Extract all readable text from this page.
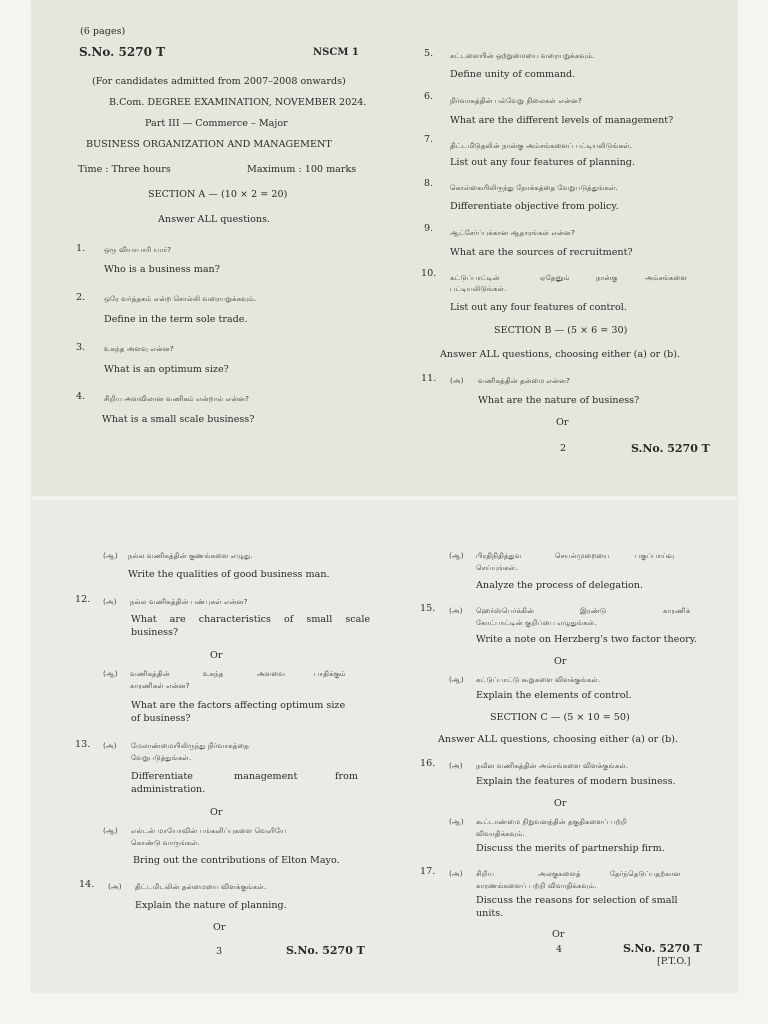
(6 pages)
S.No. 5270 T	NSCM 1
(For candidates admitted from 2007–2008 onwards)
B.Com. DEGREE EXAMINATION, NOVEMBER 2024.
Part III — Commerce – Major
BUSINESS ORGANIZATION AND MANAGEMENT
Time : Three hours	Maximum : 100 marks
SECTION A — (10 × 2 = 20)
Answer ALL questions.
1.	ஒரு வியாபாரி யார்?
Who is a business man?
2.	ஒரே வர்த்தகம் என்ற சொல்லி வரையறுக்கவும்.
Define in the term sole trade.
3.	உகந்த அளவு என்ன?
What is an optimum size?
4.	சிறிய அளவிலான வணிகம் என்றால் என்ன?
What is a small scale business?
5. கட்டளையின் ஒற்றுமையை வரையறுக்கவும்.
Define unity of command.
6. நிர்வாகத்தின் பல்வேறு நிலைகள் என்ன?
What are the different levels of management?
7.
திட்டமிடுதலின் நான்கு அம்சங்களைப் பட்டியலிடுங்கள்.
List out any four features of planning.
8. கொள்கையிலிருந்து நோக்கத்தை வேறுபடுத்துங்கள்.
Differentiate objective from policy.
9. ஆட்சேர்ப்புக்கான ஆதாரங்கள் என்ன?
What are the sources of recruitment?
10. கட்டுப்பாட்டின்	ஏதேனும்	நான்கு	அம்சங்களை
பட்டியலிடுங்கள்.
List out any four features of control.
SECTION B — (5 × 6 = 30)
Answer ALL questions, choosing either (a) or (b).
11. (அ) வணிகத்தின் தன்மை என்ன?
What are the nature of business?
Or
2	S.No. 5270 T
(ஆ) நல்ல வணிகத்தின் குணங்களை எழுது.
Write the qualities of good business man.
12. (அ) நல்ல வணிகத்தின் பண்புகள் என்ன?
What are characteristics of small scale
business?
Or
(ஆ) வணிகத்தின்	உகந்த	அளவை	பாதிக்கும்
காரணிகள் என்ன?
What are the factors affecting optimum size
of business?
13. (அ) மேலாண்மையிலிருந்து நிர்வாகத்தை
வேறுபடுத்துங்கள்.
Differentiate	management	from
administration.
Or
(ஆ) எல்டன் மாயோவின் பங்களிப்புகளை வெளியே
கொண்டு வாருங்கள்.
Bring out the contributions of Elton Mayo.
14. (அ) திட்டமிடலின் தன்மையை விளக்குங்கள்.
Explain the nature of planning.
Or
3	S.No. 5270 T
(ஆ) பிரதிநிதித்துவ	செயல்முறையை	பகுப்பாய்வு
செய்யுங்கள்.
Analyze the process of delegation.
15. (அ) ஹெர்ஸ்பெர்க்கின்	இரண்டு	காரணிக்
கோட்பாட்டின் குறிப்பை எழுதுங்கள்.
Write a note on Herzberg's two factor theory.
Or
(ஆ) கட்டுப்பாட்டு கூறுகளை விளக்குங்கள்.
Explain the elements of control.
SECTION C — (5 × 10 = 50)
Answer ALL questions, choosing either (a) or (b).
16. (அ) நவீன வணிகத்தின் அம்சங்களை விளக்குங்கள்.
Explain the features of modern business.
Or
(ஆ) கூட்டாண்மை நிறுவனத்தின் தகுதிகளைப் பற்றி
விவாதிக்கவும்.
Discuss the merits of partnership firm.
17. (அ) சிறிய	அலகுகளைத்	தேர்ந்தெடுப்பதற்கான
காரணங்களைப் பற்றி விவாதிக்கவும்.
Discuss the reasons for selection of small
units.
Or
4	S.No. 5270 T
[P.T.O.]
